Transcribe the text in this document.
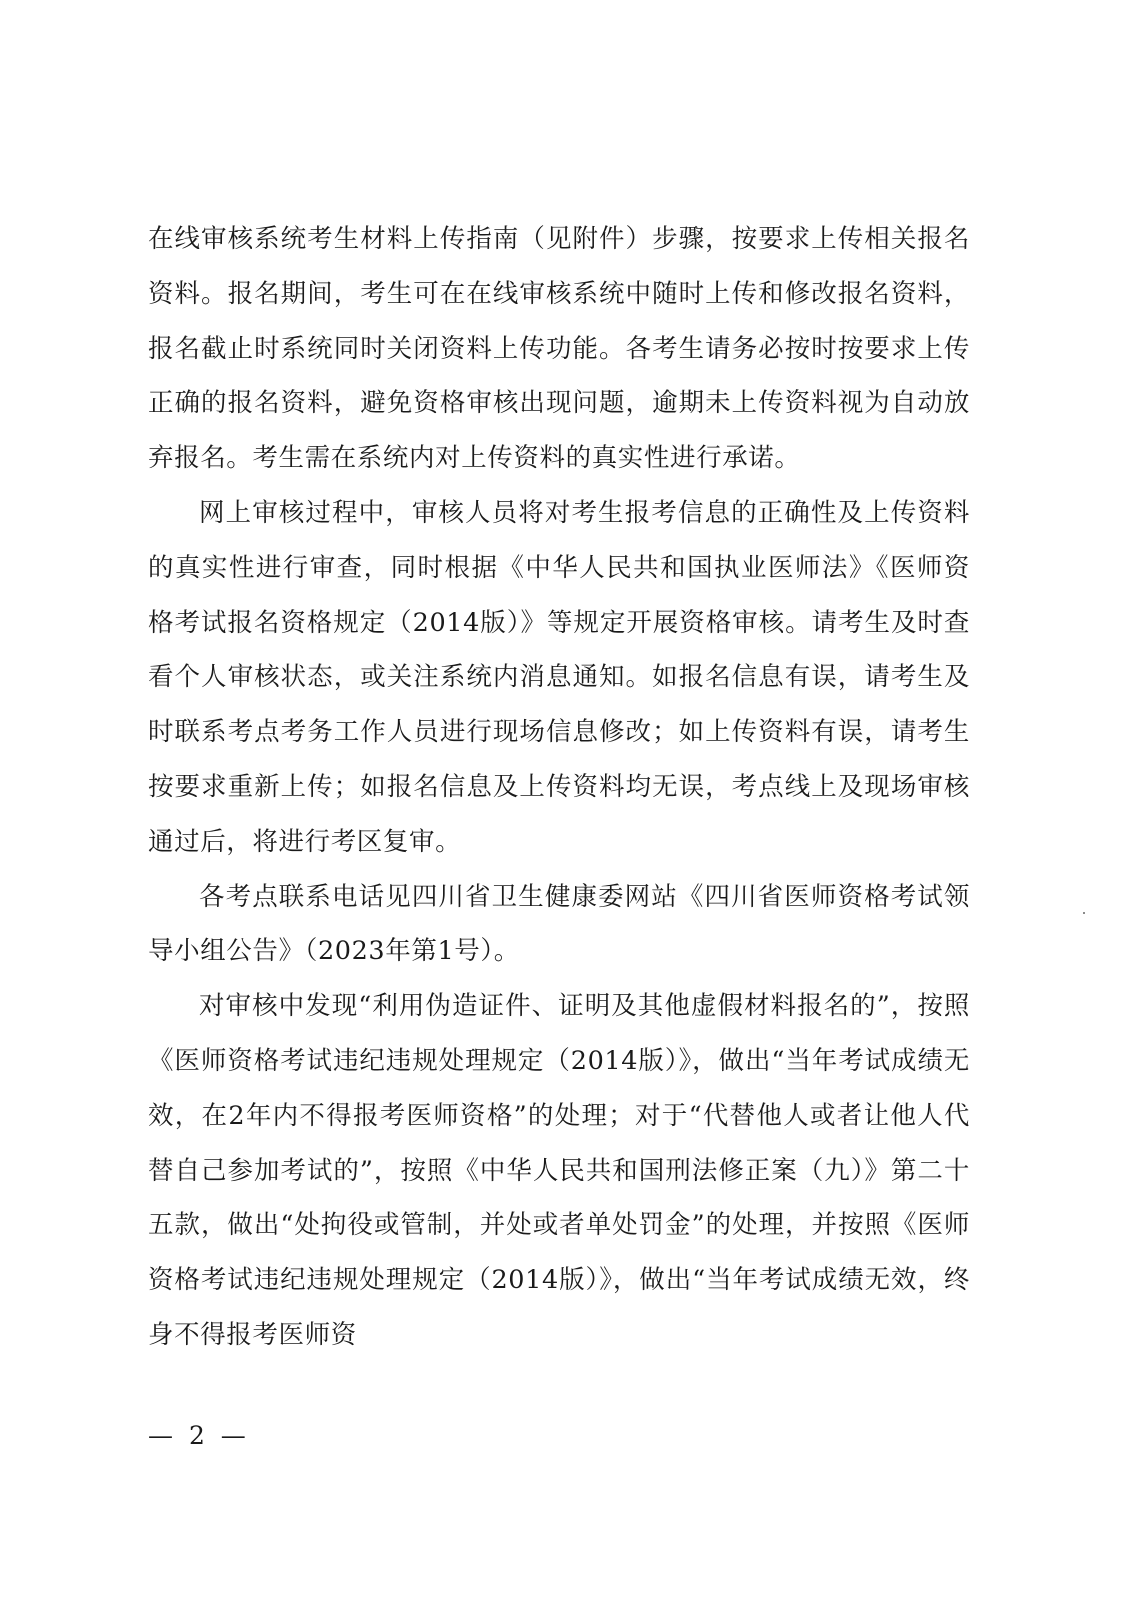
在线审核系统考生材料上传指南（见附件）步骤，按要求上传相关报名资料。报名期间，考生可在在线审核系统中随时上传和修改报名资料，报名截止时系统同时关闭资料上传功能。各考生请务必按时按要求上传正确的报名资料，避免资格审核出现问题，逾期未上传资料视为自动放弃报名。考生需在系统内对上传资料的真实性进行承诺。

网上审核过程中，审核人员将对考生报考信息的正确性及上传资料的真实性进行审查，同时根据《中华人民共和国执业医师法》《医师资格考试报名资格规定（2014版）》等规定开展资格审核。请考生及时查看个人审核状态，或关注系统内消息通知。如报名信息有误，请考生及时联系考点考务工作人员进行现场信息修改；如上传资料有误，请考生按要求重新上传；如报名信息及上传资料均无误，考点线上及现场审核通过后，将进行考区复审。

各考点联系电话见四川省卫生健康委网站《四川省医师资格考试领导小组公告》（2023年第1号）。

对审核中发现“利用伪造证件、证明及其他虚假材料报名的”，按照《医师资格考试违纪违规处理规定（2014版）》，做出“当年考试成绩无效，在2年内不得报考医师资格”的处理；对于“代替他人或者让他人代替自己参加考试的”，按照《中华人民共和国刑法修正案（九）》第二十五款，做出“处拘役或管制，并处或者单处罚金”的处理，并按照《医师资格考试违纪违规处理规定（2014版）》，做出“当年考试成绩无效，终身不得报考医师资

— 2 —
